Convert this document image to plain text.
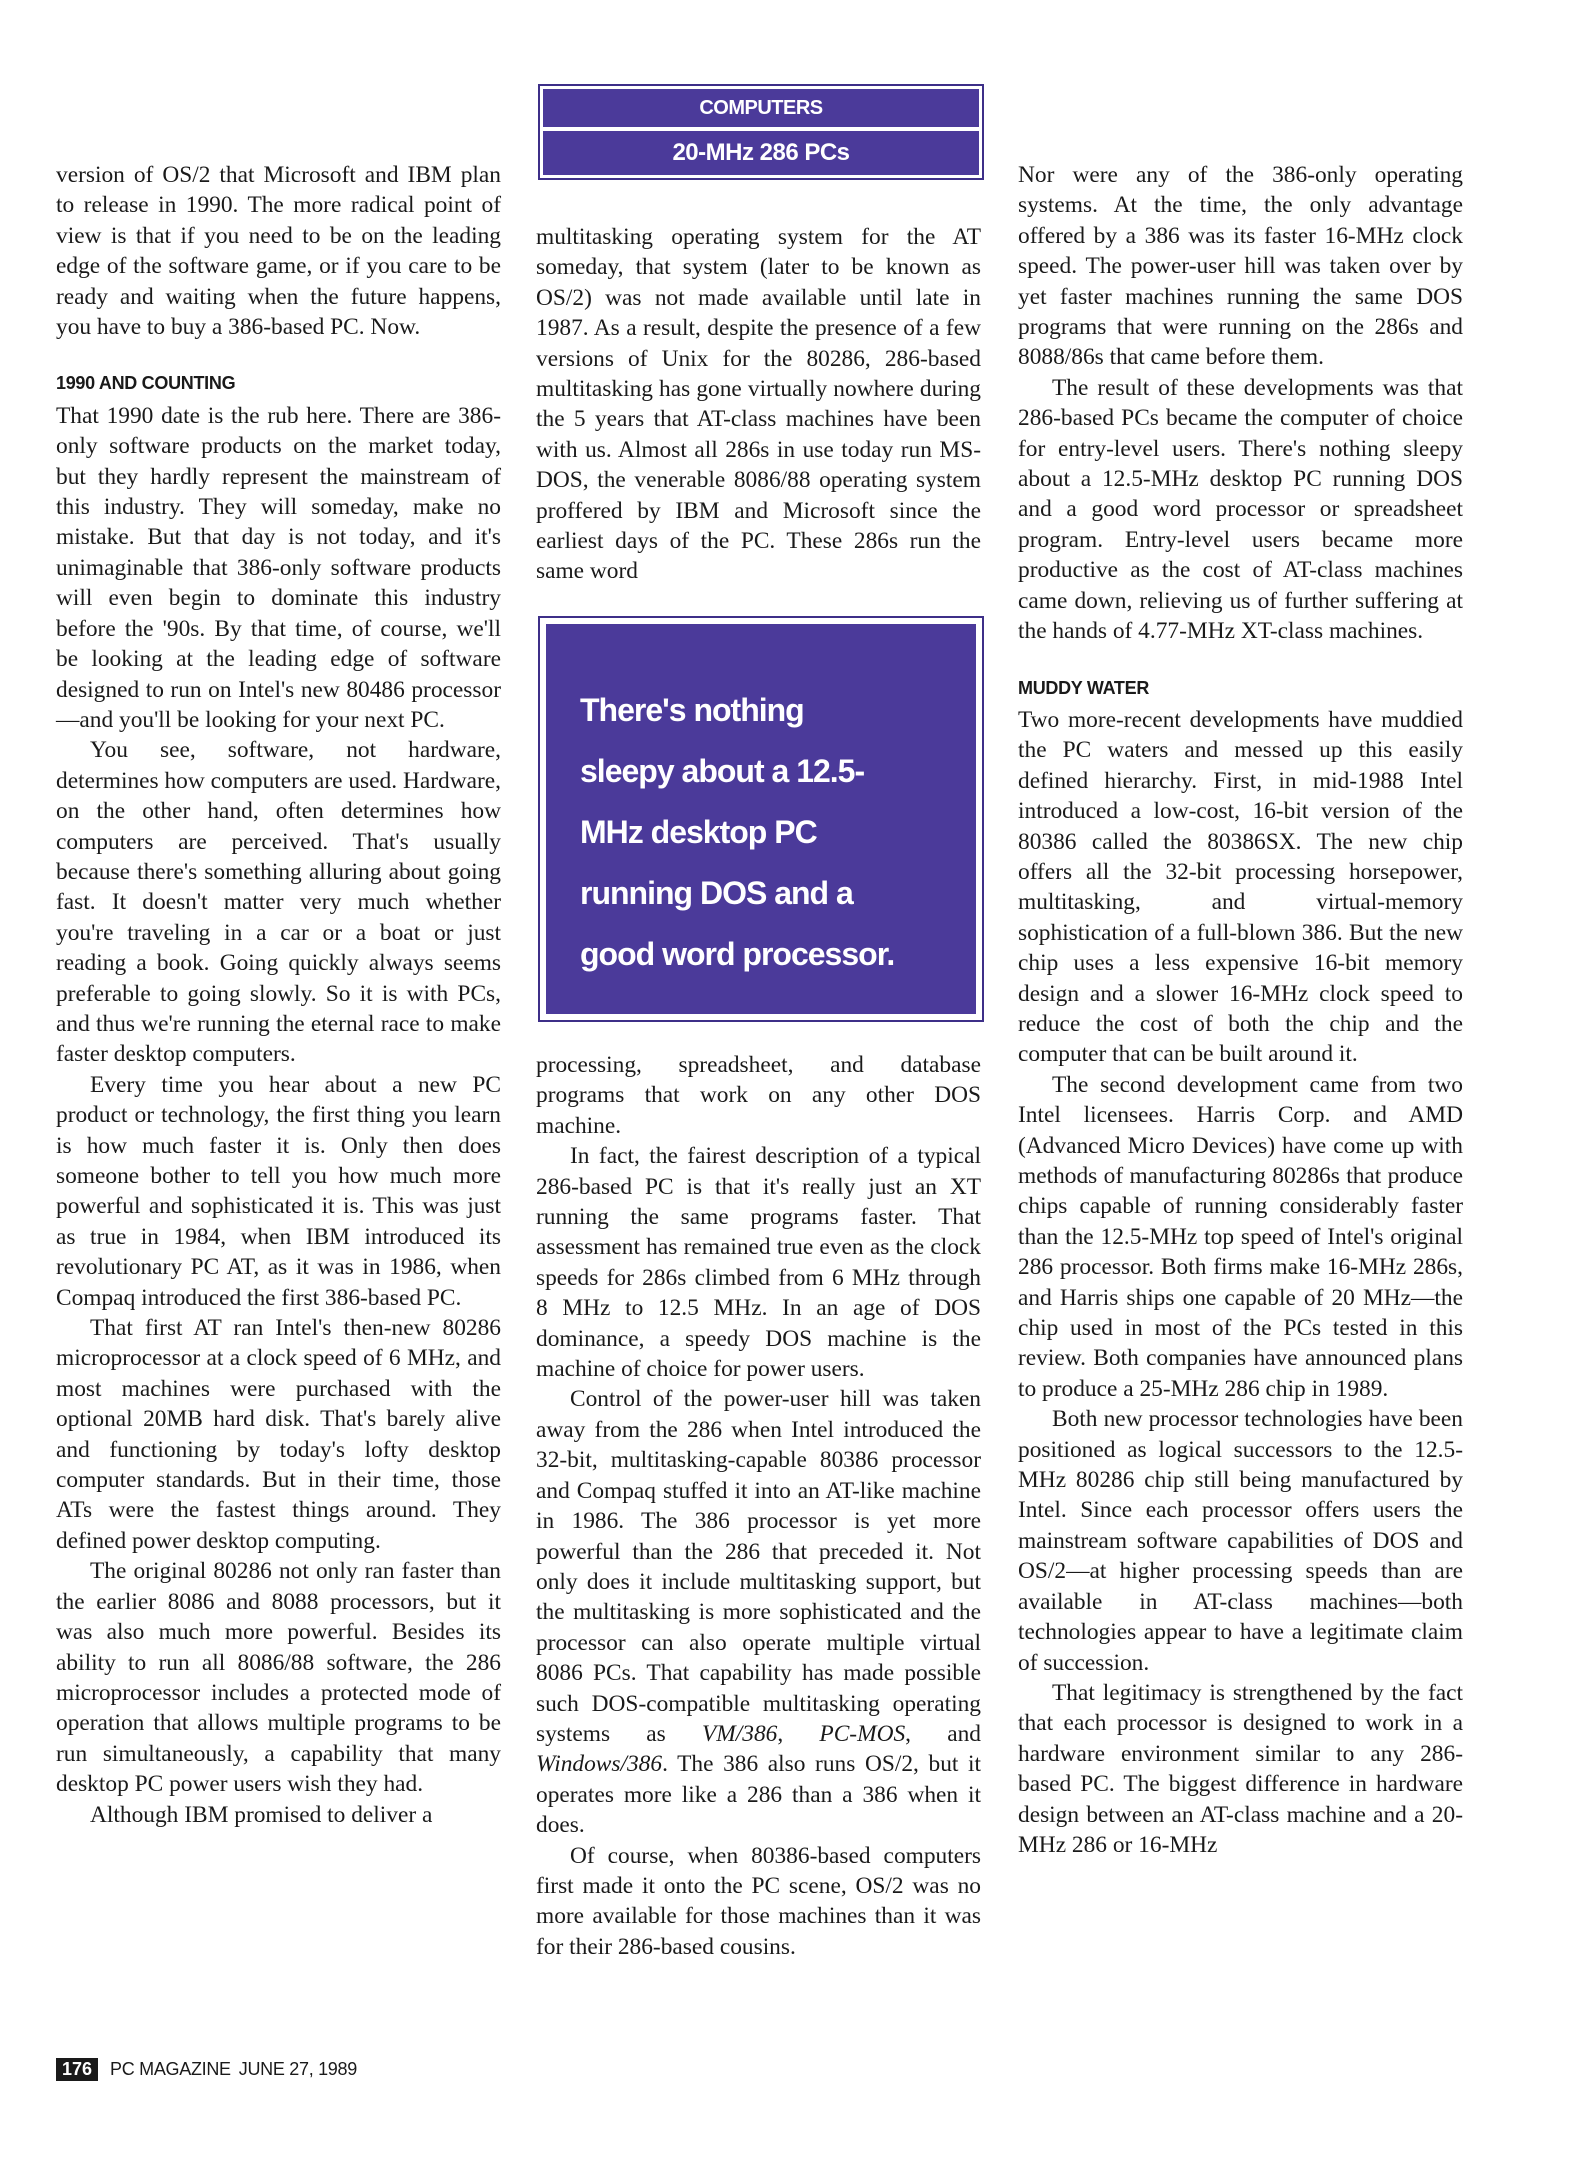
COMPUTERS
20-MHz 286 PCs

version of OS/2 that Microsoft and IBM plan to release in 1990. The more radical point of view is that if you need to be on the leading edge of the software game, or if you care to be ready and waiting when the future happens, you have to buy a 386-based PC. Now.

1990 AND COUNTING

That 1990 date is the rub here. There are 386-only software products on the market today, but they hardly represent the mainstream of this industry. They will someday, make no mistake. But that day is not today, and it's unimaginable that 386-only software products will even begin to dominate this industry before the '90s. By that time, of course, we'll be looking at the leading edge of software designed to run on Intel's new 80486 processor—and you'll be looking for your next PC.

You see, software, not hardware, determines how computers are used. Hardware, on the other hand, often determines how computers are perceived. That's usually because there's something alluring about going fast. It doesn't matter very much whether you're traveling in a car or a boat or just reading a book. Going quickly always seems preferable to going slowly. So it is with PCs, and thus we're running the eternal race to make faster desktop computers.

Every time you hear about a new PC product or technology, the first thing you learn is how much faster it is. Only then does someone bother to tell you how much more powerful and sophisticated it is. This was just as true in 1984, when IBM introduced its revolutionary PC AT, as it was in 1986, when Compaq introduced the first 386-based PC.

That first AT ran Intel's then-new 80286 microprocessor at a clock speed of 6 MHz, and most machines were purchased with the optional 20MB hard disk. That's barely alive and functioning by today's lofty desktop computer standards. But in their time, those ATs were the fastest things around. They defined power desktop computing.

The original 80286 not only ran faster than the earlier 8086 and 8088 processors, but it was also much more powerful. Besides its ability to run all 8086/88 software, the 286 microprocessor includes a protected mode of operation that allows multiple programs to be run simultaneously, a capability that many desktop PC power users wish they had.

Although IBM promised to deliver a

multitasking operating system for the AT someday, that system (later to be known as OS/2) was not made available until late in 1987. As a result, despite the presence of a few versions of Unix for the 80286, 286-based multitasking has gone virtually nowhere during the 5 years that AT-class machines have been with us. Almost all 286s in use today run MS-DOS, the venerable 8086/88 operating system proffered by IBM and Microsoft since the earliest days of the PC. These 286s run the same word

There's nothing
sleepy about a 12.5-
MHz desktop PC
running DOS and a
good word processor.

processing, spreadsheet, and database programs that work on any other DOS machine.

In fact, the fairest description of a typical 286-based PC is that it's really just an XT running the same programs faster. That assessment has remained true even as the clock speeds for 286s climbed from 6 MHz through 8 MHz to 12.5 MHz. In an age of DOS dominance, a speedy DOS machine is the machine of choice for power users.

Control of the power-user hill was taken away from the 286 when Intel introduced the 32-bit, multitasking-capable 80386 processor and Compaq stuffed it into an AT-like machine in 1986. The 386 processor is yet more powerful than the 286 that preceded it. Not only does it include multitasking support, but the multitasking is more sophisticated and the processor can also operate multiple virtual 8086 PCs. That capability has made possible such DOS-compatible multitasking operating systems as VM/386, PC-MOS, and Windows/386. The 386 also runs OS/2, but it operates more like a 286 than a 386 when it does.

Of course, when 80386-based computers first made it onto the PC scene, OS/2 was no more available for those machines than it was for their 286-based cousins.

Nor were any of the 386-only operating systems. At the time, the only advantage offered by a 386 was its faster 16-MHz clock speed. The power-user hill was taken over by yet faster machines running the same DOS programs that were running on the 286s and 8088/86s that came before them.

The result of these developments was that 286-based PCs became the computer of choice for entry-level users. There's nothing sleepy about a 12.5-MHz desktop PC running DOS and a good word processor or spreadsheet program. Entry-level users became more productive as the cost of AT-class machines came down, relieving us of further suffering at the hands of 4.77-MHz XT-class machines.

MUDDY WATER

Two more-recent developments have muddied the PC waters and messed up this easily defined hierarchy. First, in mid-1988 Intel introduced a low-cost, 16-bit version of the 80386 called the 80386SX. The new chip offers all the 32-bit processing horsepower, multitasking, and virtual-memory sophistication of a full-blown 386. But the new chip uses a less expensive 16-bit memory design and a slower 16-MHz clock speed to reduce the cost of both the chip and the computer that can be built around it.

The second development came from two Intel licensees. Harris Corp. and AMD (Advanced Micro Devices) have come up with methods of manufacturing 80286s that produce chips capable of running considerably faster than the 12.5-MHz top speed of Intel's original 286 processor. Both firms make 16-MHz 286s, and Harris ships one capable of 20 MHz—the chip used in most of the PCs tested in this review. Both companies have announced plans to produce a 25-MHz 286 chip in 1989.

Both new processor technologies have been positioned as logical successors to the 12.5-MHz 80286 chip still being manufactured by Intel. Since each processor offers users the mainstream software capabilities of DOS and OS/2—at higher processing speeds than are available in AT-class machines—both technologies appear to have a legitimate claim of succession.

That legitimacy is strengthened by the fact that each processor is designed to work in a hardware environment similar to any 286-based PC. The biggest difference in hardware design between an AT-class machine and a 20-MHz 286 or 16-MHz

176	PC MAGAZINE JUNE 27, 1989
